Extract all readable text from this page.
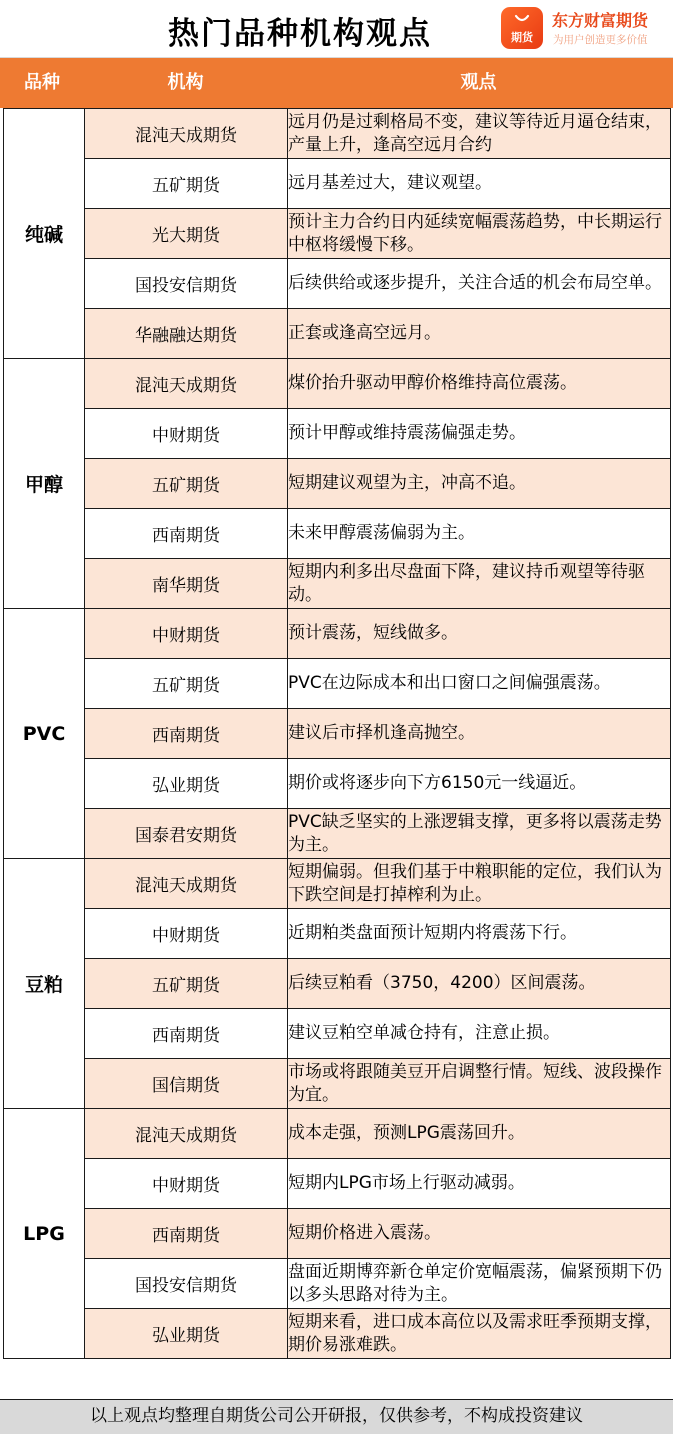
热门品种机构观点	期货
东方财富期货
为用户创造更多价值
品种	机构	观点
纯碱	混沌天成期货	远月仍是过剩格局不变，建议等待近月逼仓结束，产量上升，逢高空远月合约
	五矿期货	远月基差过大，建议观望。
	光大期货	预计主力合约日内延续宽幅震荡趋势，中长期运行中枢将缓慢下移。
	国投安信期货	后续供给或逐步提升，关注合适的机会布局空单。
	华融融达期货	正套或逢高空远月。
甲醇	混沌天成期货	煤价抬升驱动甲醇价格维持高位震荡。
	中财期货	预计甲醇或维持震荡偏强走势。
	五矿期货	短期建议观望为主，冲高不追。
	西南期货	未来甲醇震荡偏弱为主。
	南华期货	短期内利多出尽盘面下降，建议持币观望等待驱动。
PVC	中财期货	预计震荡，短线做多。
	五矿期货	PVC在边际成本和出口窗口之间偏强震荡。
	西南期货	建议后市择机逢高抛空。
	弘业期货	期价或将逐步向下方6150元一线逼近。
	国泰君安期货	PVC缺乏坚实的上涨逻辑支撑，更多将以震荡走势为主。
豆粕	混沌天成期货	短期偏弱。但我们基于中粮职能的定位，我们认为下跌空间是打掉榨利为止。
	中财期货	近期粕类盘面预计短期内将震荡下行。
	五矿期货	后续豆粕看（3750，4200）区间震荡。
	西南期货	建议豆粕空单减仓持有，注意止损。
	国信期货	市场或将跟随美豆开启调整行情。短线、波段操作为宜。
LPG	混沌天成期货	成本走强，预测LPG震荡回升。
	中财期货	短期内LPG市场上行驱动减弱。
	西南期货	短期价格进入震荡。
	国投安信期货	盘面近期博弈新仓单定价宽幅震荡，偏紧预期下仍以多头思路对待为主。
	弘业期货	短期来看，进口成本高位以及需求旺季预期支撑，期价易涨难跌。
以上观点均整理自期货公司公开研报，仅供参考，不构成投资建议
